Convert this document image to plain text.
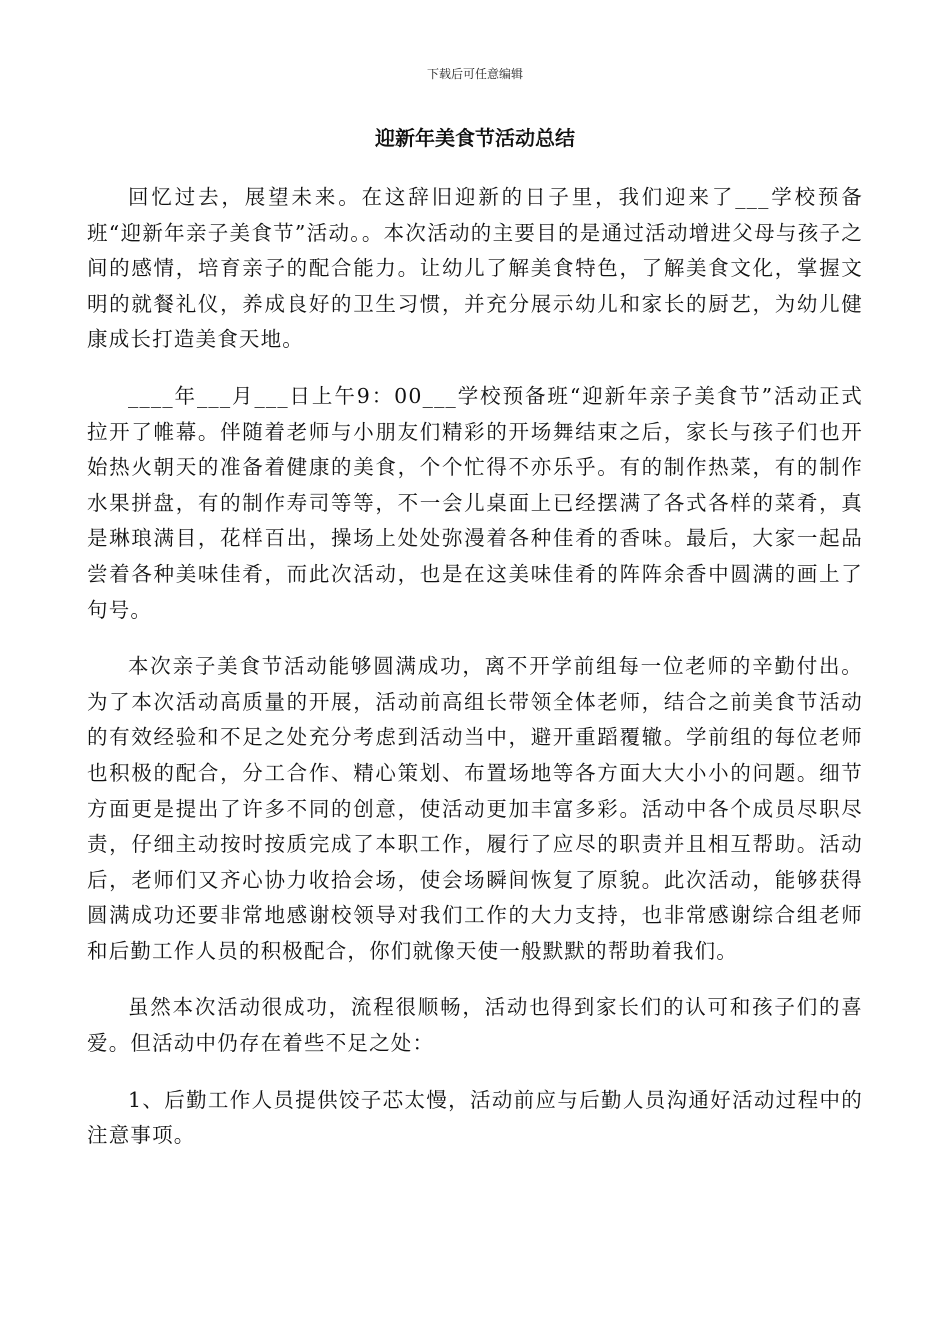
下载后可任意编辑
迎新年美食节活动总结

回忆过去，展望未来。在这辞旧迎新的日子里，我们迎来了___学校预备班“迎新年亲子美食节”活动。。本次活动的主要目的是通过活动增进父母与孩子之间的感情，培育亲子的配合能力。让幼儿了解美食特色，了解美食文化，掌握文明的就餐礼仪，养成良好的卫生习惯，并充分展示幼儿和家长的厨艺，为幼儿健康成长打造美食天地。

____年___月___日上午9：00___学校预备班“迎新年亲子美食节”活动正式拉开了帷幕。伴随着老师与小朋友们精彩的开场舞结束之后，家长与孩子们也开始热火朝天的准备着健康的美食，个个忙得不亦乐乎。有的制作热菜，有的制作水果拼盘，有的制作寿司等等，不一会儿桌面上已经摆满了各式各样的菜肴，真是琳琅满目，花样百出，操场上处处弥漫着各种佳肴的香味。最后，大家一起品尝着各种美味佳肴，而此次活动，也是在这美味佳肴的阵阵余香中圆满的画上了句号。

本次亲子美食节活动能够圆满成功，离不开学前组每一位老师的辛勤付出。为了本次活动高质量的开展，活动前高组长带领全体老师，结合之前美食节活动的有效经验和不足之处充分考虑到活动当中，避开重蹈覆辙。学前组的每位老师也积极的配合，分工合作、精心策划、布置场地等各方面大大小小的问题。细节方面更是提出了许多不同的创意，使活动更加丰富多彩。活动中各个成员尽职尽责，仔细主动按时按质完成了本职工作，履行了应尽的职责并且相互帮助。活动后，老师们又齐心协力收拾会场，使会场瞬间恢复了原貌。此次活动，能够获得圆满成功还要非常地感谢校领导对我们工作的大力支持，也非常感谢综合组老师和后勤工作人员的积极配合，你们就像天使一般默默的帮助着我们。

虽然本次活动很成功，流程很顺畅，活动也得到家长们的认可和孩子们的喜爱。但活动中仍存在着些不足之处：

1、后勤工作人员提供饺子芯太慢，活动前应与后勤人员沟通好活动过程中的注意事项。
